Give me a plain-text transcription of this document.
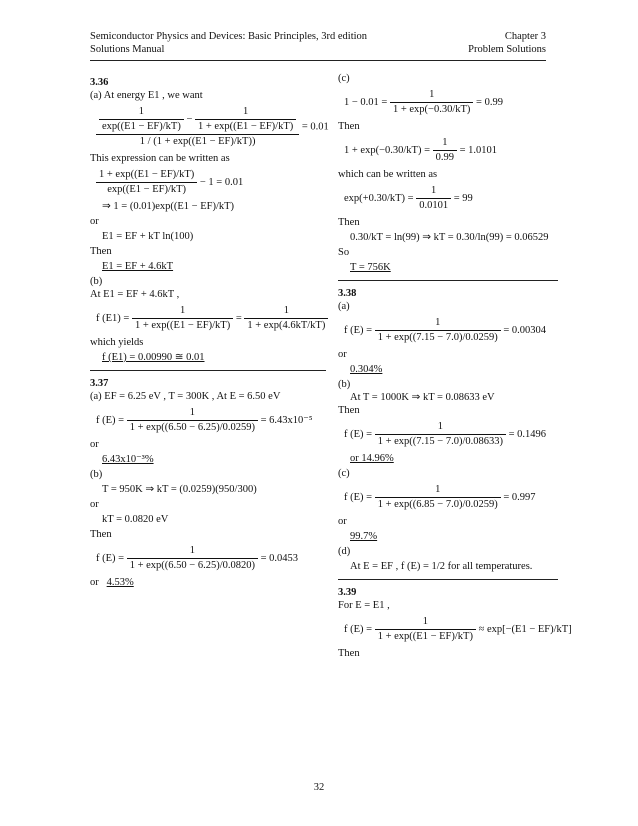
Semiconductor Physics and Devices: Basic Principles, 3rd edition
Solutions Manual
Chapter 3
Problem Solutions

3.36

(a) At energy E1 , we want

$\frac{\frac{1}{\exp((E1 - EF)/kT)} - \frac{1}{1 + \exp((E1 - EF)/kT)}}{1 / (1 + \exp((E1 - EF)/kT))} = 0.01$

This expression can be written as

$\frac{1 + \exp((E1 - EF)/kT)}{\exp((E1 - EF)/kT)} - 1 = 0.01$

⇒ 1 = (0.01)exp((E1 − EF)/kT)

or

E1 = EF + kT ln(100)

Then

E1 = EF + 4.6kT

(b)

At E1 = EF + 4.6kT ,

f $(E1) = \frac{1}{1 + \exp((E1 - EF)/kT)} = \frac{1}{1 + \exp(4.6kT/kT)}$

which yields

f (E1) = 0.00990 ≅ 0.01

3.37

(a) EF = 6.25 eV , T = 300K , At E = 6.50 eV

f $(E) = \frac{1}{1 + \exp((6.50 - 6.25)/0.0259)} = 6.43x10^{-5}$

or

6.43x10⁻³%

(b)

T = 950K ⇒ kT = (0.0259)(950/300)

or

kT = 0.0820 eV

Then

f $(E) = \frac{1}{1 + \exp((6.50 - 6.25)/0.0820)} = 0.0453$

or 4.53%

(c)

$1 - 0.01 = \frac{1}{1 + \exp(-0.30/kT)} = 0.99$

Then

$1 + \exp(-0.30/kT) = \frac{1}{0.99} = 1.0101$

which can be written as

$\exp(+0.30/kT) = \frac{1}{0.0101} = 99$

Then

0.30/kT = ln(99) ⇒ kT = 0.30/ln(99) = 0.06529

So

T = 756K

3.38

(a)

f $(E) = \frac{1}{1 + \exp((7.15 - 7.0)/0.0259)} = 0.00304$

or

0.304%

(b)

At T = 1000K ⇒ kT = 0.08633 eV

Then

f $(E) = \frac{1}{1 + \exp((7.15 - 7.0)/0.08633)} = 0.1496$

or 14.96%

(c)

f $(E) = \frac{1}{1 + \exp((6.85 - 7.0)/0.0259)} = 0.997$

or

99.7%

(d)

At E = EF , f (E) = 1/2 for all temperatures.

3.39

For E = E1 ,

f $(E) = \frac{1}{1 + \exp((E1 - EF)/kT)} \approx \exp[-(E1 - EF)/kT]$

Then

32
